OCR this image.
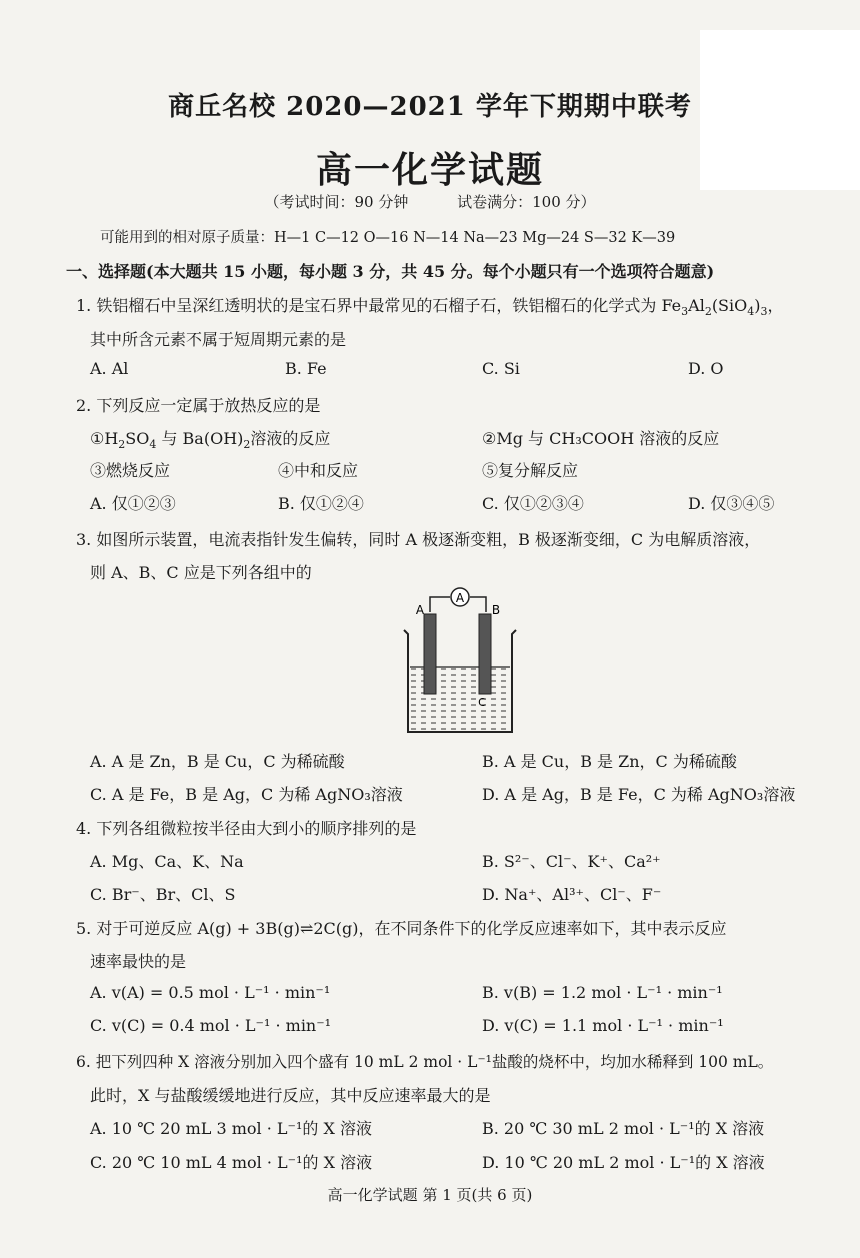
商丘名校 2020—2021 学年下期期中联考
高一化学试题
（考试时间：90 分钟	试卷满分：100 分）
可能用到的相对原子质量：H—1 C—12 O—16 N—14 Na—23 Mg—24 S—32 K—39
一、选择题(本大题共 15 小题，每小题 3 分，共 45 分。每个小题只有一个选项符合题意)
1. 铁铝榴石中呈深红透明状的是宝石界中最常见的石榴子石，铁铝榴石的化学式为 $Fe_3Al_2(SiO_4)_3$，
其中所含元素不属于短周期元素的是
A. Al	B. Fe	C. Si	D. O
2. 下列反应一定属于放热反应的是
$①H_2SO_4$ 与 $Ba(OH)_2$溶液的反应	②Mg 与 CH₃COOH 溶液的反应
③燃烧反应	④中和反应	⑤复分解反应
A. 仅①②③	B. 仅①②④	C. 仅①②③④	D. 仅③④⑤
3. 如图所示装置，电流表指针发生偏转，同时 A 极逐渐变粗，B 极逐渐变细，C 为电解质溶液，
则 A、B、C 应是下列各组中的
A
A	B
C
A. A 是 Zn，B 是 Cu，C 为稀硫酸	B. A 是 Cu，B 是 Zn，C 为稀硫酸
C. A 是 Fe，B 是 Ag，C 为稀 AgNO₃溶液	D. A 是 Ag，B 是 Fe，C 为稀 AgNO₃溶液
4. 下列各组微粒按半径由大到小的顺序排列的是
A. Mg、Ca、K、Na	B. S²⁻、Cl⁻、K⁺、Ca²⁺
C. Br⁻、Br、Cl、S	D. Na⁺、Al³⁺、Cl⁻、F⁻
5. 对于可逆反应 A(g) + 3B(g)⇌2C(g)，在不同条件下的化学反应速率如下，其中表示反应
速率最快的是
A. v(A) = 0.5 mol · L⁻¹ · min⁻¹	B. v(B) = 1.2 mol · L⁻¹ · min⁻¹
C. v(C) = 0.4 mol · L⁻¹ · min⁻¹	D. v(C) = 1.1 mol · L⁻¹ · min⁻¹
6. 把下列四种 X 溶液分别加入四个盛有 10 mL 2 mol · L⁻¹盐酸的烧杯中，均加水稀释到 100 mL。
此时，X 与盐酸缓缓地进行反应，其中反应速率最大的是
A. 10 ℃ 20 mL 3 mol · L⁻¹的 X 溶液	B. 20 ℃ 30 mL 2 mol · L⁻¹的 X 溶液
C. 20 ℃ 10 mL 4 mol · L⁻¹的 X 溶液	D. 10 ℃ 20 mL 2 mol · L⁻¹的 X 溶液
高一化学试题 第 1 页(共 6 页)
